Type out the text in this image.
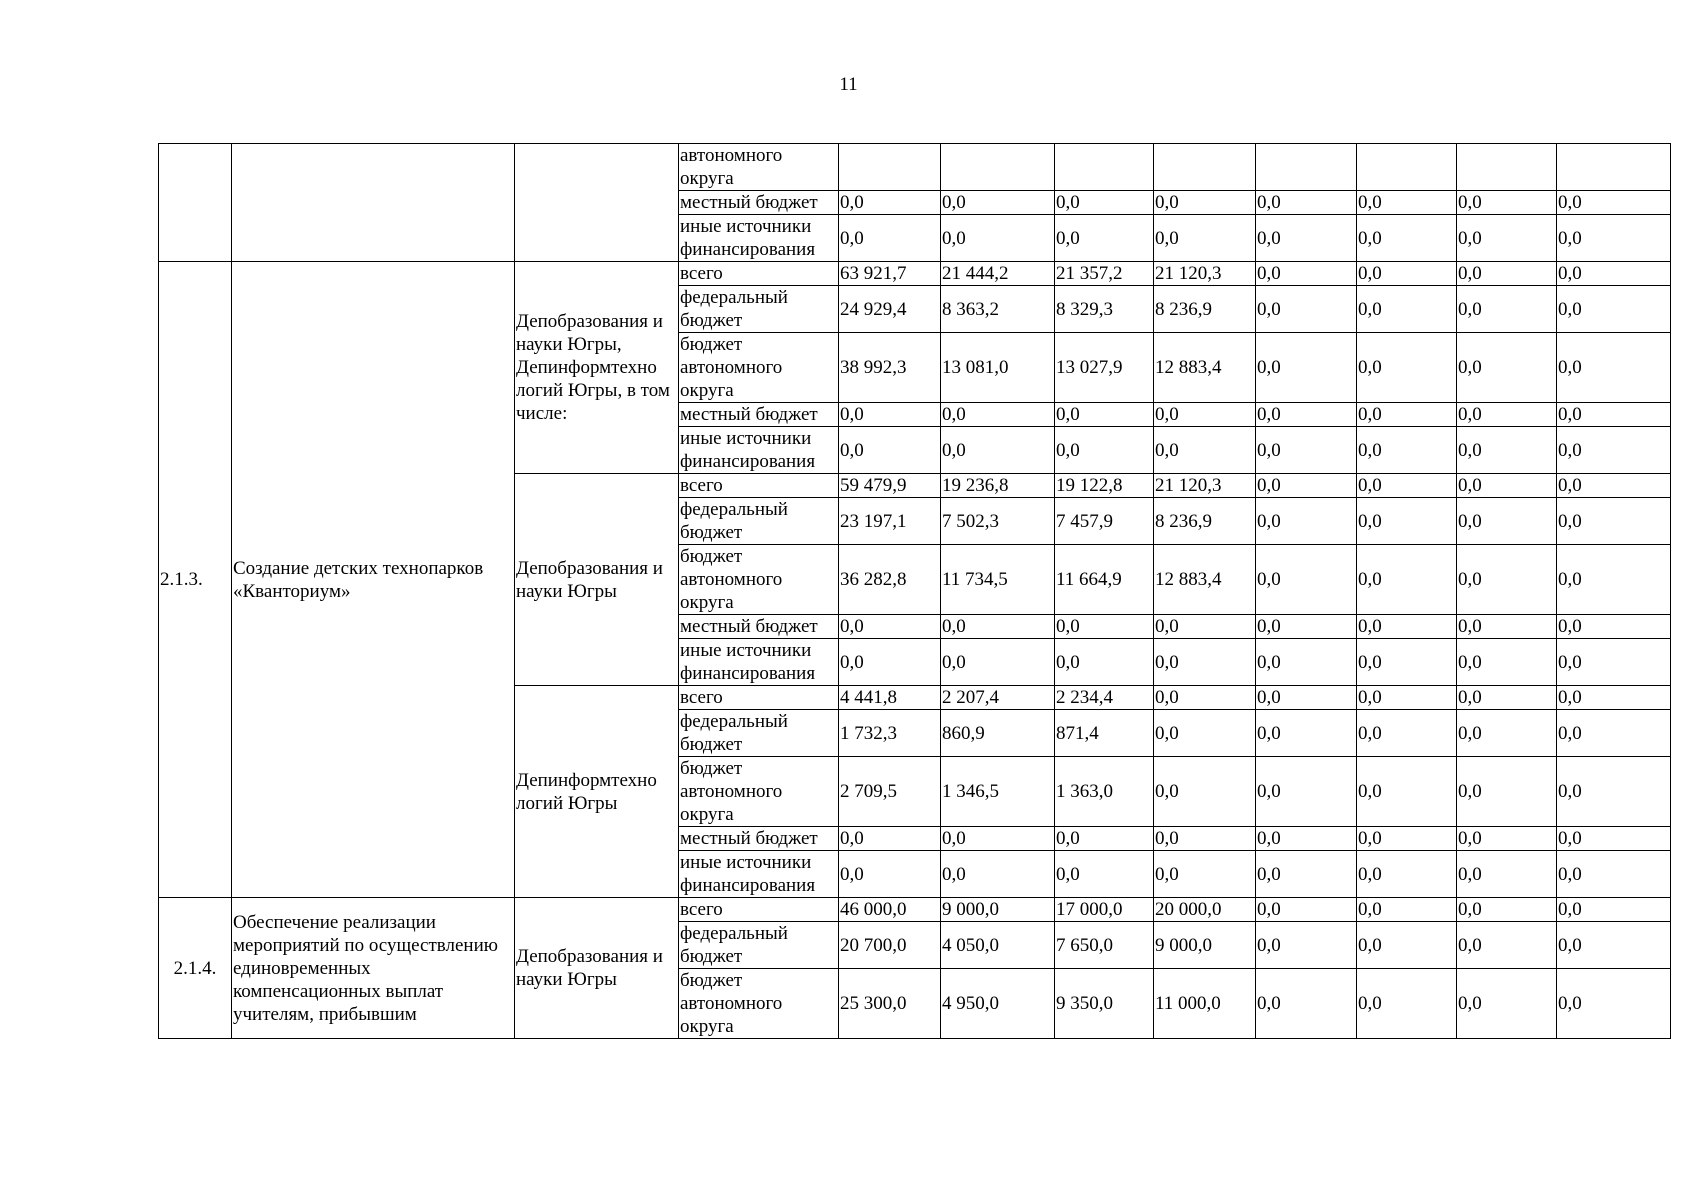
11
			автономного округа								
			местный бюджет	0,0	0,0	0,0	0,0	0,0	0,0	0,0	0,0
			иные источники финансирования	0,0	0,0	0,0	0,0	0,0	0,0	0,0	0,0
2.1.3.	Создание детских технопарков «Кванториум»	Депобразования и науки Югры, Депинформтехно логий Югры, в том числе:	всего	63 921,7	21 444,2	21 357,2	21 120,3	0,0	0,0	0,0	0,0
			федеральный бюджет	24 929,4	8 363,2	8 329,3	8 236,9	0,0	0,0	0,0	0,0
			бюджет автономного округа	38 992,3	13 081,0	13 027,9	12 883,4	0,0	0,0	0,0	0,0
			местный бюджет	0,0	0,0	0,0	0,0	0,0	0,0	0,0	0,0
			иные источники финансирования	0,0	0,0	0,0	0,0	0,0	0,0	0,0	0,0
		Депобразования и науки Югры	всего	59 479,9	19 236,8	19 122,8	21 120,3	0,0	0,0	0,0	0,0
			федеральный бюджет	23 197,1	7 502,3	7 457,9	8 236,9	0,0	0,0	0,0	0,0
			бюджет автономного округа	36 282,8	11 734,5	11 664,9	12 883,4	0,0	0,0	0,0	0,0
			местный бюджет	0,0	0,0	0,0	0,0	0,0	0,0	0,0	0,0
			иные источники финансирования	0,0	0,0	0,0	0,0	0,0	0,0	0,0	0,0
		Депинформтехно логий Югры	всего	4 441,8	2 207,4	2 234,4	0,0	0,0	0,0	0,0	0,0
			федеральный бюджет	1 732,3	860,9	871,4	0,0	0,0	0,0	0,0	0,0
			бюджет автономного округа	2 709,5	1 346,5	1 363,0	0,0	0,0	0,0	0,0	0,0
			местный бюджет	0,0	0,0	0,0	0,0	0,0	0,0	0,0	0,0
			иные источники финансирования	0,0	0,0	0,0	0,0	0,0	0,0	0,0	0,0
2.1.4.	Обеспечение реализации мероприятий по осуществлению единовременных компенсационных выплат учителям, прибывшим	Депобразования и науки Югры	всего	46 000,0	9 000,0	17 000,0	20 000,0	0,0	0,0	0,0	0,0
			федеральный бюджет	20 700,0	4 050,0	7 650,0	9 000,0	0,0	0,0	0,0	0,0
			бюджет автономного округа	25 300,0	4 950,0	9 350,0	11 000,0	0,0	0,0	0,0	0,0
